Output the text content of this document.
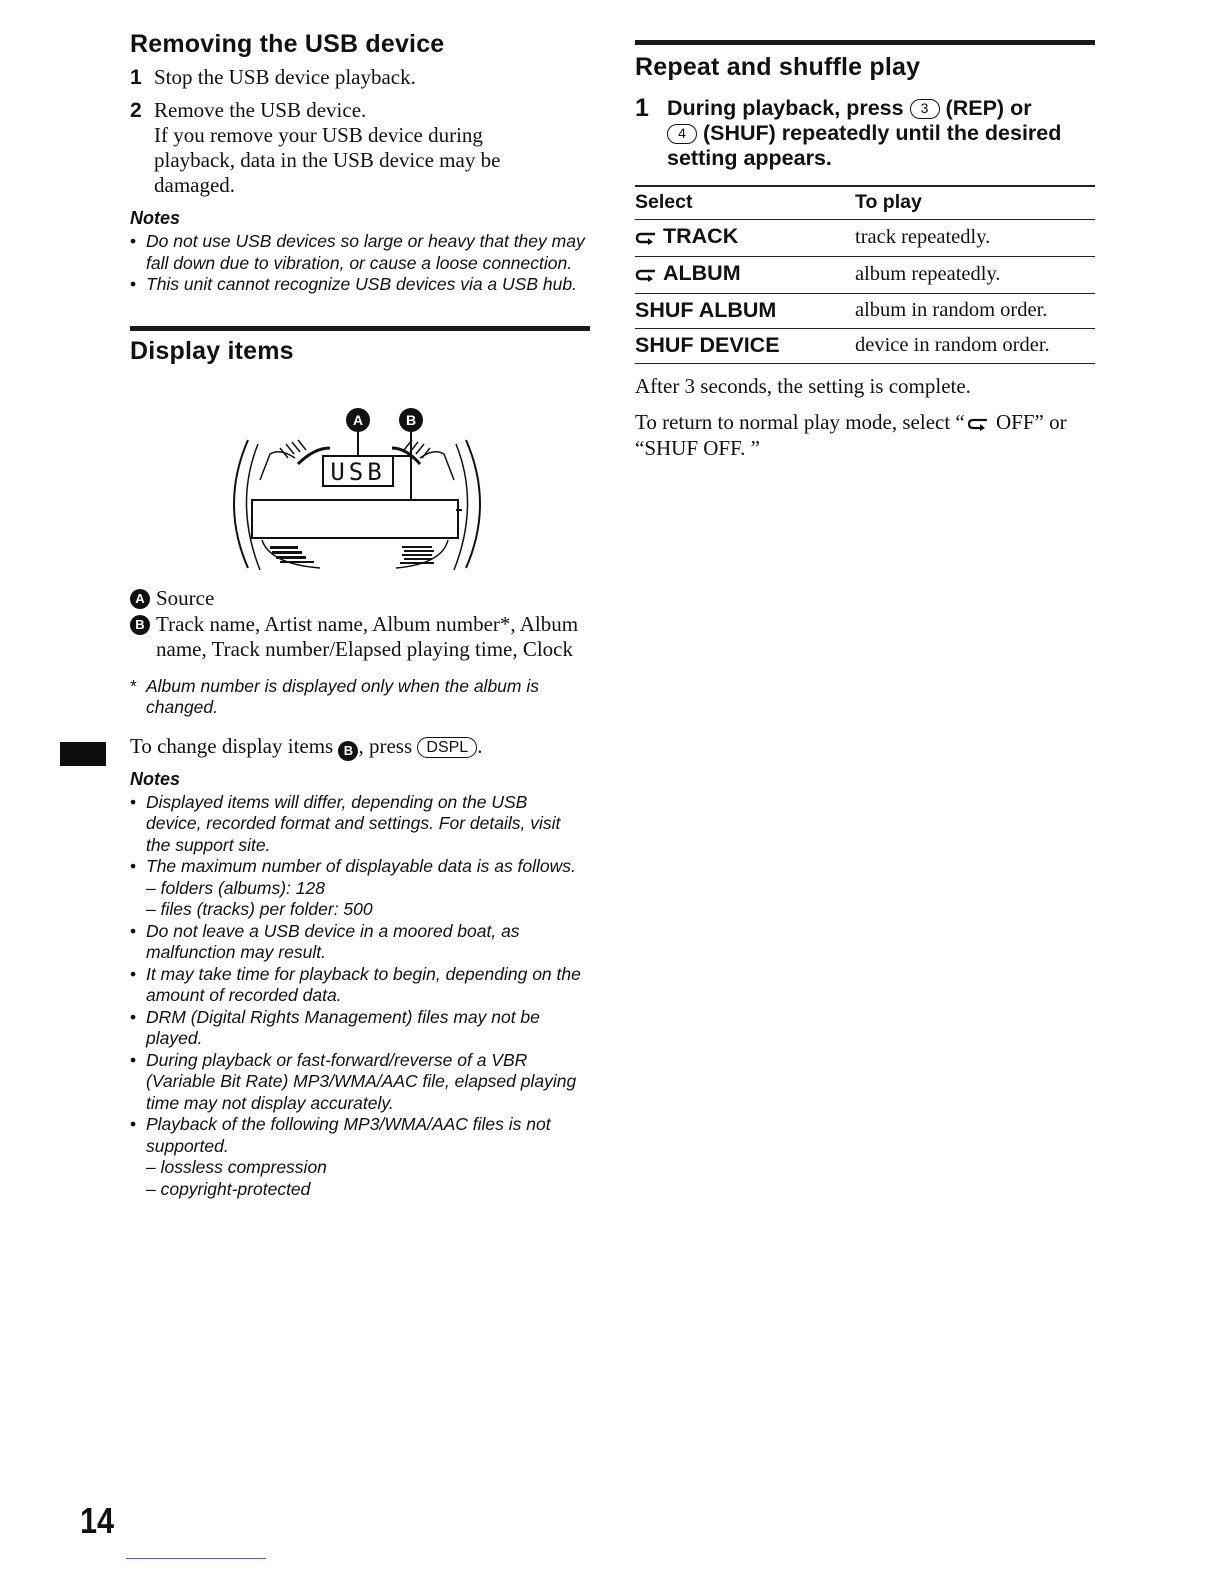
Removing the USB device
1 Stop the USB device playback.
2 Remove the USB device.
If you remove your USB device during playback, data in the USB device may be damaged.
Notes
• Do not use USB devices so large or heavy that they may fall down due to vibration, or cause a loose connection.
• This unit cannot recognize USB devices via a USB hub.
Display items
A	B
USB
A Source
B Track name, Artist name, Album number*, Album name, Track number/Elapsed playing time, Clock
* Album number is displayed only when the album is changed.
To change display items B , press DSPL .
Notes
• Displayed items will differ, depending on the USB device, recorded format and settings. For details, visit the support site.
• The maximum number of displayable data is as follows.
– folders (albums): 128
– files (tracks) per folder: 500
• Do not leave a USB device in a moored boat, as malfunction may result.
• It may take time for playback to begin, depending on the amount of recorded data.
• DRM (Digital Rights Management) files may not be played.
• During playback or fast-forward/reverse of a VBR (Variable Bit Rate) MP3/WMA/AAC file, elapsed playing time may not display accurately.
• Playback of the following MP3/WMA/AAC files is not supported.
– lossless compression
– copyright-protected
Repeat and shuffle play
1 During playback, press 3 (REP) or
4 (SHUF) repeatedly until the desired setting appears.
Select	To play
TRACK	track repeatedly.
ALBUM	album repeatedly.
SHUF ALBUM	album in random order.
SHUF DEVICE	device in random order.
After 3 seconds, the setting is complete.
To return to normal play mode, select “ OFF” or “SHUF OFF. ”
14
